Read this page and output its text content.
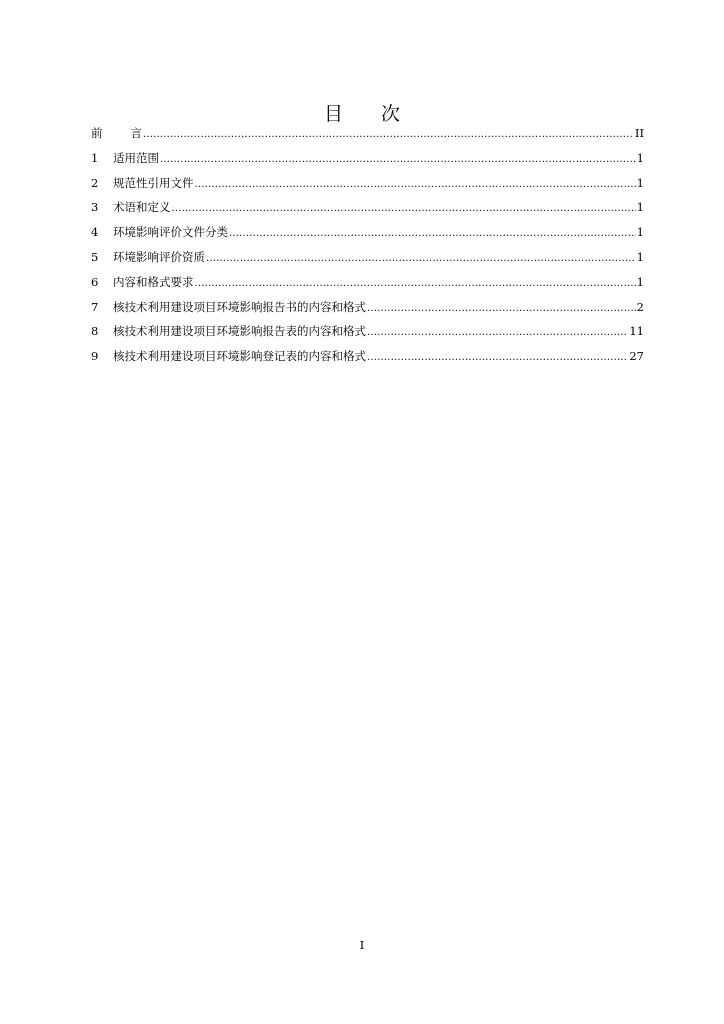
目 次
前 言 .....	II
1	适用范围 .....	1
2	规范性引用文件 .....	1
3	术语和定义 .....	1
4	环境影响评价文件分类 .....	1
5	环境影响评价资质 .....	1
6	内容和格式要求 .....	1
7	核技术利用建设项目环境影响报告书的内容和格式 .....	2
8	核技术利用建设项目环境影响报告表的内容和格式 .....	11
9	核技术利用建设项目环境影响登记表的内容和格式 .....	27
I
